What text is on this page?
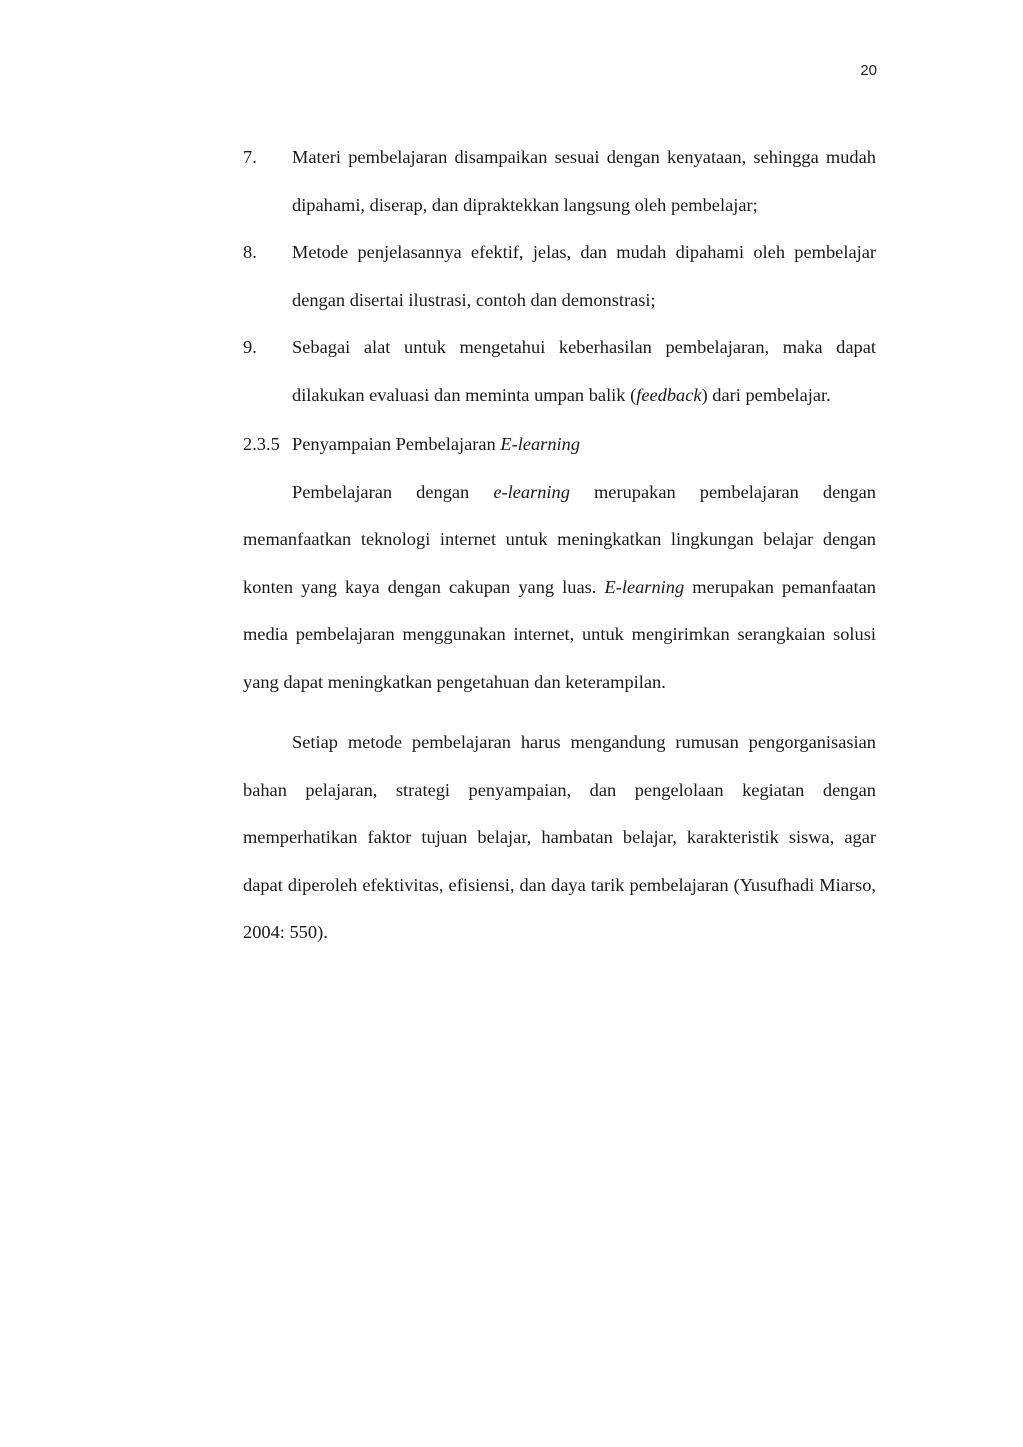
20
7. Materi pembelajaran disampaikan sesuai dengan kenyataan, sehingga mudah dipahami, diserap, dan dipraktekkan langsung oleh pembelajar;
8. Metode penjelasannya efektif, jelas, dan mudah dipahami oleh pembelajar dengan disertai ilustrasi, contoh dan demonstrasi;
9. Sebagai alat untuk mengetahui keberhasilan pembelajaran, maka dapat dilakukan evaluasi dan meminta umpan balik (feedback) dari pembelajar.
2.3.5 Penyampaian Pembelajaran E-learning

Pembelajaran dengan e-learning merupakan pembelajaran dengan memanfaatkan teknologi internet untuk meningkatkan lingkungan belajar dengan konten yang kaya dengan cakupan yang luas. E-learning merupakan pemanfaatan media pembelajaran menggunakan internet, untuk mengirimkan serangkaian solusi yang dapat meningkatkan pengetahuan dan keterampilan.

Setiap metode pembelajaran harus mengandung rumusan pengorganisasian bahan pelajaran, strategi penyampaian, dan pengelolaan kegiatan dengan memperhatikan faktor tujuan belajar, hambatan belajar, karakteristik siswa, agar dapat diperoleh efektivitas, efisiensi, dan daya tarik pembelajaran (Yusufhadi Miarso, 2004: 550).
